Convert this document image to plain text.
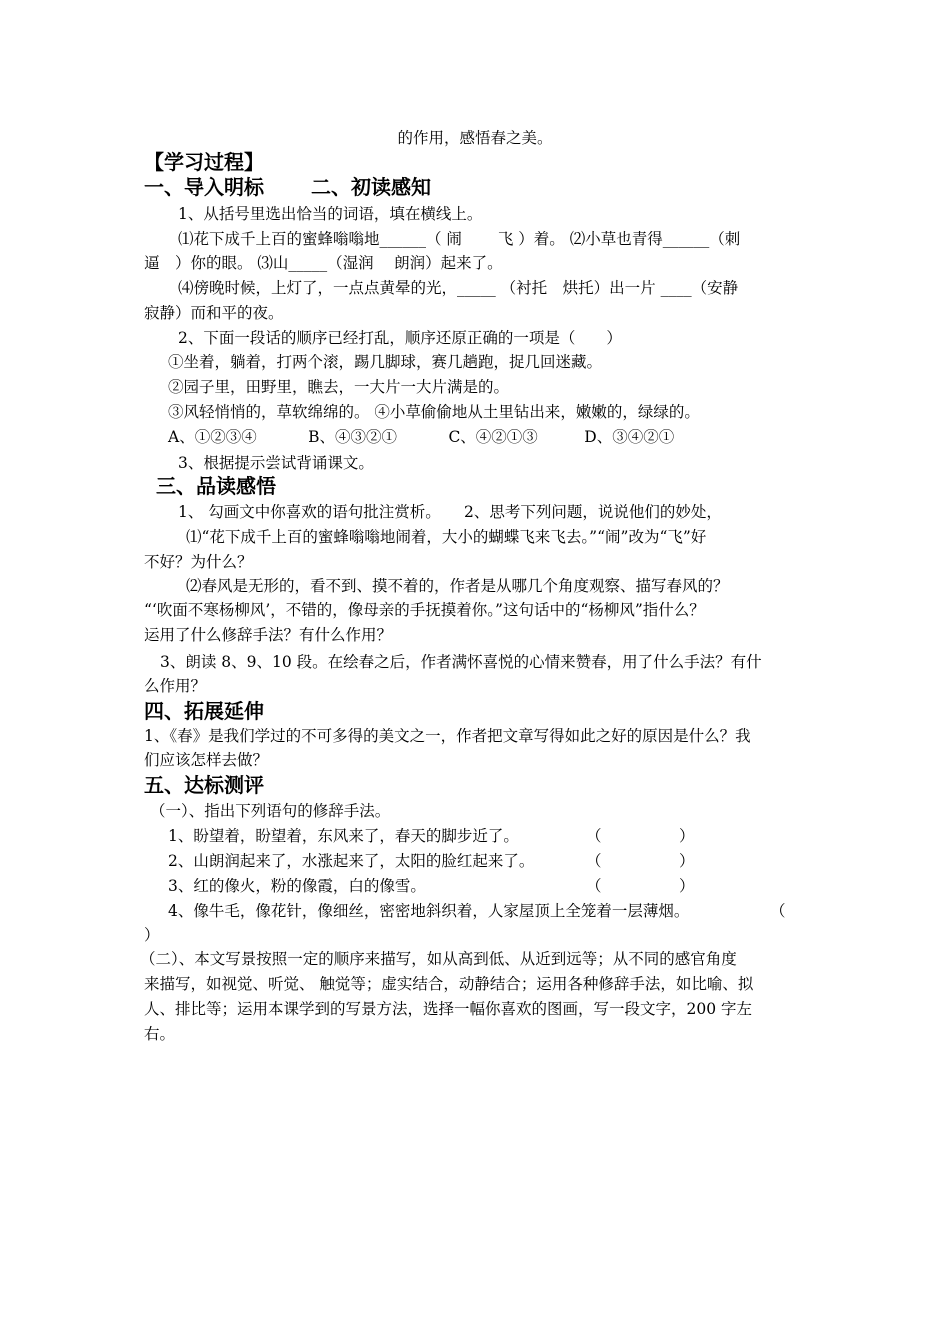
的作用，感悟春之美。
【学习过程】
一、导入明标　　 二、初读感知
1、从括号里选出恰当的词语，填在横线上。
⑴花下成千上百的蜜蜂嗡嗡地______（ 闹　　 飞 ）着。 ⑵小草也青得______（刺
逼　）你的眼。 ⑶山_____（湿润　 朗润）起来了。
⑷傍晚时候，上灯了，一点点黄晕的光，_____ （衬托　烘托）出一片 ____（安静
寂静）而和平的夜。
2、下面一段话的顺序已经打乱，顺序还原正确的一项是（　　）
①坐着，躺着，打两个滚，踢几脚球，赛几趟跑，捉几回迷藏。
②园子里，田野里，瞧去，一大片一大片满是的。
③风轻悄悄的，草软绵绵的。 ④小草偷偷地从土里钻出来，嫩嫩的，绿绿的。
A、①②③④　　　 B、④③②①　　　 C、④②①③　　　D、③④②①
3、根据提示尝试背诵课文。
三、品读感悟
1、 勾画文中你喜欢的语句批注赏析。　　2、思考下列问题，说说他们的妙处，
⑴“花下成千上百的蜜蜂嗡嗡地闹着，大小的蝴蝶飞来飞去。”“闹”改为“飞”好
不好？为什么？
⑵春风是无形的，看不到、摸不着的，作者是从哪几个角度观察、描写春风的？
“‘吹面不寒杨柳风’，不错的，像母亲的手抚摸着你。”这句话中的“杨柳风”指什么？
运用了什么修辞手法？有什么作用？
3、朗读 8、9、10 段。在绘春之后，作者满怀喜悦的心情来赞春，用了什么手法？有什
么作用？
四、拓展延伸
1、《春》是我们学过的不可多得的美文之一，作者把文章写得如此之好的原因是什么？我
们应该怎样去做？
五、达标测评
（一）、指出下列语句的修辞手法。
1、盼望着，盼望着，东风来了，春天的脚步近了。	（　　　　　）
2、山朗润起来了，水涨起来了，太阳的脸红起来了。	（　　　　　）
3、红的像火，粉的像霞，白的像雪。	（　　　　　）
4、像牛毛，像花针，像细丝，密密地斜织着，人家屋顶上全笼着一层薄烟。	（
）
（二）、本文写景按照一定的顺序来描写，如从高到低、从近到远等；从不同的感官角度
来描写，如视觉、听觉、 触觉等；虚实结合，动静结合；运用各种修辞手法，如比喻、拟
人、排比等；运用本课学到的写景方法，选择一幅你喜欢的图画，写一段文字，200 字左
右。
